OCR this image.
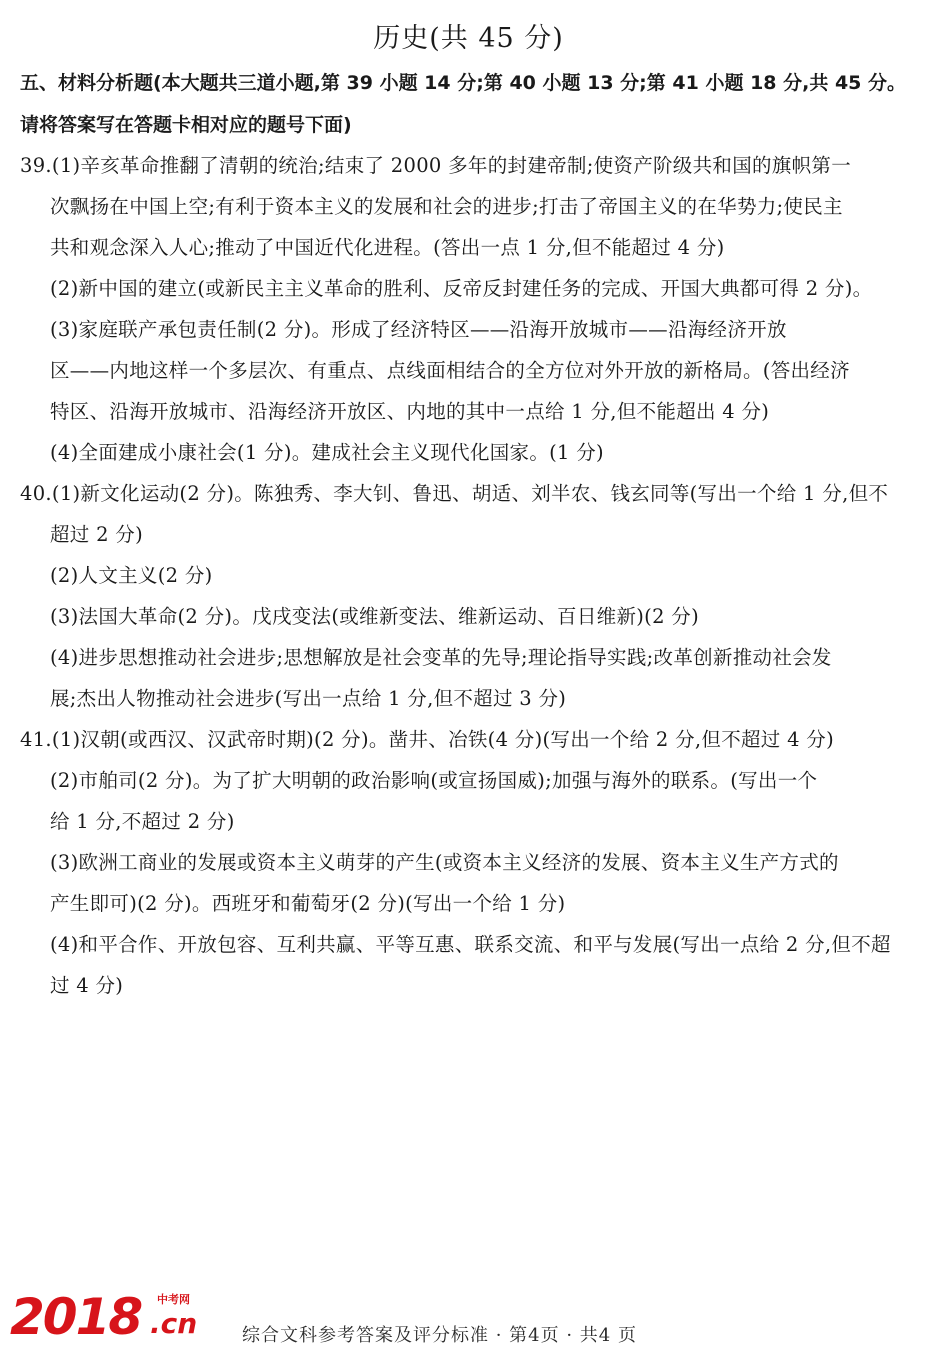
历史(共 45 分)
五、材料分析题(本大题共三道小题,第 39 小题 14 分;第 40 小题 13 分;第 41 小题 18 分,共 45 分。
请将答案写在答题卡相对应的题号下面)
39.(1)辛亥革命推翻了清朝的统治;结束了 2000 多年的封建帝制;使资产阶级共和国的旗帜第一
次飘扬在中国上空;有利于资本主义的发展和社会的进步;打击了帝国主义的在华势力;使民主
共和观念深入人心;推动了中国近代化进程。(答出一点 1 分,但不能超过 4 分)
(2)新中国的建立(或新民主主义革命的胜利、反帝反封建任务的完成、开国大典都可得 2 分)。
(3)家庭联产承包责任制(2 分)。形成了经济特区——沿海开放城市——沿海经济开放
区——内地这样一个多层次、有重点、点线面相结合的全方位对外开放的新格局。(答出经济
特区、沿海开放城市、沿海经济开放区、内地的其中一点给 1 分,但不能超出 4 分)
(4)全面建成小康社会(1 分)。建成社会主义现代化国家。(1 分)
40.(1)新文化运动(2 分)。陈独秀、李大钊、鲁迅、胡适、刘半农、钱玄同等(写出一个给 1 分,但不
超过 2 分)
(2)人文主义(2 分)
(3)法国大革命(2 分)。戊戌变法(或维新变法、维新运动、百日维新)(2 分)
(4)进步思想推动社会进步;思想解放是社会变革的先导;理论指导实践;改革创新推动社会发
展;杰出人物推动社会进步(写出一点给 1 分,但不超过 3 分)
41.(1)汉朝(或西汉、汉武帝时期)(2 分)。凿井、冶铁(4 分)(写出一个给 2 分,但不超过 4 分)
(2)市舶司(2 分)。为了扩大明朝的政治影响(或宣扬国威);加强与海外的联系。(写出一个
给 1 分,不超过 2 分)
(3)欧洲工商业的发展或资本主义萌芽的产生(或资本主义经济的发展、资本主义生产方式的
产生即可)(2 分)。西班牙和葡萄牙(2 分)(写出一个给 1 分)
(4)和平合作、开放包容、互利共赢、平等互惠、联系交流、和平与发展(写出一点给 2 分,但不超
过 4 分)
2018 中考网
.cn 综合文科参考答案及评分标准 · 第4页 · 共4 页
